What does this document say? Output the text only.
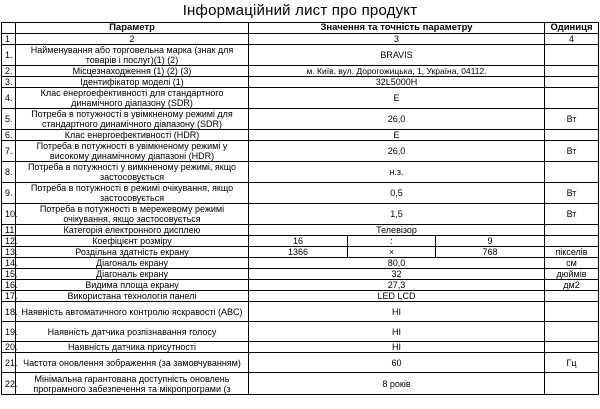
Інформаційний лист про продукт
	Параметр	Значення та точність параметру			Одиниця
1	2	3			4
1.	Найменування або торговельна марка (знак для товарів і послуг)(1) (2)	BRAVIS			
2.	Місцезнаходження (1) (2) (3)	м. Київ, вул. Дорогожицька, 1, Україна, 04112.			
3.	Ідентифікатор моделі (1)	32L5000H			
4.	Клас енергоефективності для стандартного динамічного діапазону (SDR)	E			
5.	Потреба в потужності в увімкненому режимі для стандартного динамічного діапазону (SDR)	26,0			Вт
6.	Клас енергоефективності (HDR)	E			
7.	Потреба в потужності в увімкненому режимі у високому динамічному діапазоні (HDR)	26,0			Вт
8.	Потреба в потужності у вимкненому режимі, якщо застосовується	н.з.			
9.	Потреба в потужності в режимі очікування, якщо застосовується	0,5			Вт
10.	Потреба в потужності в мережевому режимі очікування, якщо застосовується	1,5			Вт
11.	Категорія електронного дисплею	Телевізор			
12.	Коефіцієнт розміру	16	:	9	
13.	Роздільна здатність екрану	1366	×	768	пікселів
14.	Діагональ екрану	80,0			см
15.	Діагональ екрану	32			дюймів
16.	Видима площа екрану	27,3			дм2
17.	Використана технологія панелі	LED LCD			
18.	Наявність автоматичного контролю яскравості (ABC)	НІ			
19.	Наявність датчика розпізнавання голосу	НІ			
20.	Наявність датчика присутності	НІ			
21.	Частота оновлення зображення (за замовчуванням)	60			Гц
22.	Мінімальна гарантована доступність оновлень програмного забезпечення та мікропрограми (з	8 років			
